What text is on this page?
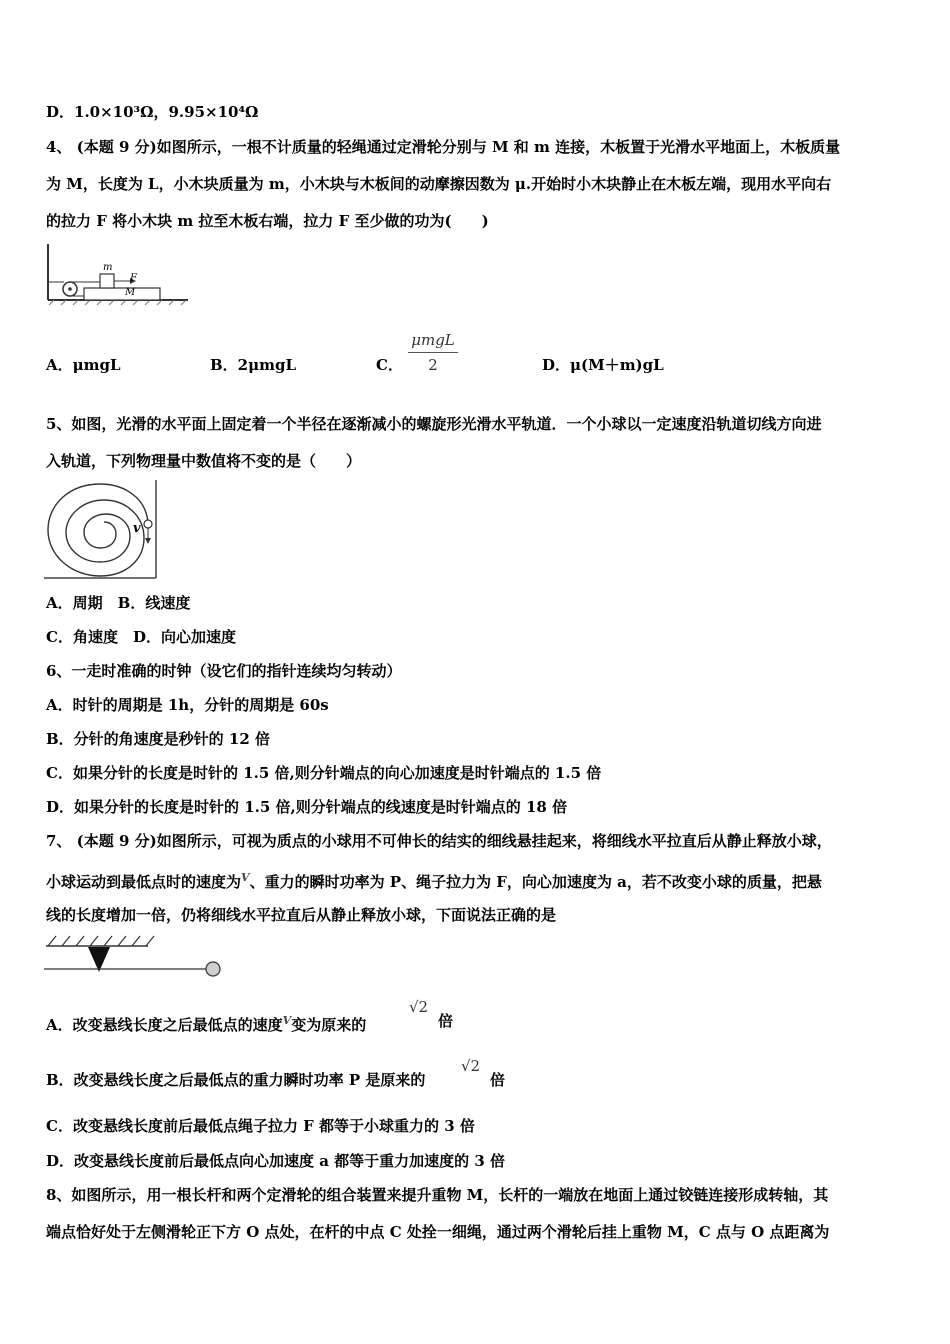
D．1.0×10³Ω，9.95×10⁴Ω
4、 (本题 9 分)如图所示，一根不计质量的轻绳通过定滑轮分别与 M 和 m 连接，木板置于光滑水平地面上，木板质量
为 M，长度为 L，小木块质量为 m，小木块与木板间的动摩擦因数为 μ.开始时小木块静止在木板左端，现用水平向右
的拉力 F 将小木块 m 拉至木板右端，拉力 F 至少做的功为(　　)
m
F
M
A．μmgL	B．2μmgL	C．
μmgL
2	D．μ(M＋m)gL
5、如图，光滑的水平面上固定着一个半径在逐渐减小的螺旋形光滑水平轨道．一个小球以一定速度沿轨道切线方向进
入轨道，下列物理量中数值将不变的是（　　）
v
A．周期　B．线速度
C．角速度　D．向心加速度
6、一走时准确的时钟（设它们的指针连续均匀转动）
A．时针的周期是 1h，分针的周期是 60s
B．分针的角速度是秒针的 12 倍
C．如果分针的长度是时针的 1.5 倍,则分针端点的向心加速度是时针端点的 1.5 倍
D．如果分针的长度是时针的 1.5 倍,则分针端点的线速度是时针端点的 18 倍
7、 (本题 9 分)如图所示，可视为质点的小球用不可伸长的结实的细线悬挂起来，将细线水平拉直后从静止释放小球，
小球运动到最低点时的速度为$^V$、重力的瞬时功率为 P、绳子拉力为 F，向心加速度为 a，若不改变小球的质量，把悬
线的长度增加一倍，仍将细线水平拉直后从静止释放小球，下面说法正确的是
A．改变悬线长度之后最低点的速度$^V$变为原来的
√2
倍
B．改变悬线长度之后最低点的重力瞬时功率 P 是原来的
√2
倍
C．改变悬线长度前后最低点绳子拉力 F 都等于小球重力的 3 倍
D．改变悬线长度前后最低点向心加速度 a 都等于重力加速度的 3 倍
8、如图所示，用一根长杆和两个定滑轮的组合装置来提升重物 M，长杆的一端放在地面上通过铰链连接形成转轴，其
端点恰好处于左侧滑轮正下方 O 点处，在杆的中点 C 处拴一细绳，通过两个滑轮后挂上重物 M，C 点与 O 点距离为
